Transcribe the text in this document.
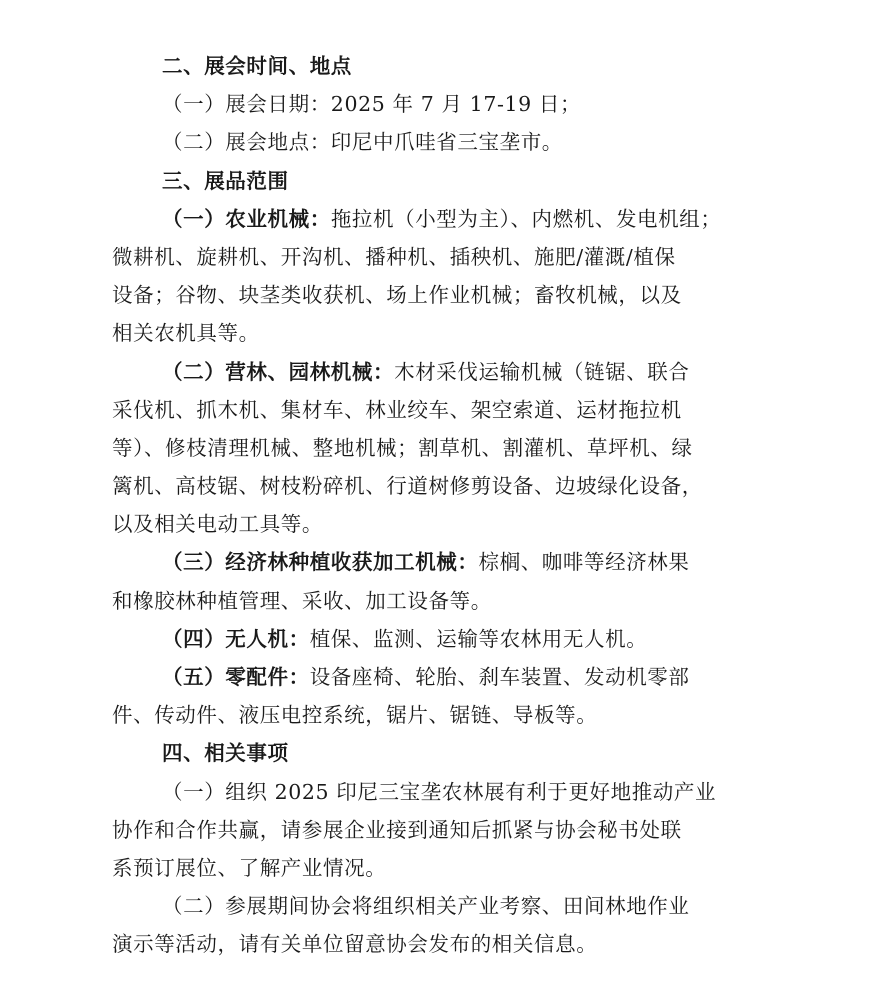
二、展会时间、地点
（一）展会日期：2025 年 7 月 17-19 日；
（二）展会地点：印尼中爪哇省三宝垄市。
三、展品范围
（一）农业机械：拖拉机（小型为主）、内燃机、发电机组；
微耕机、旋耕机、开沟机、播种机、插秧机、施肥/灌溉/植保
设备；谷物、块茎类收获机、场上作业机械；畜牧机械，以及
相关农机具等。
（二）营林、园林机械：木材采伐运输机械（链锯、联合
采伐机、抓木机、集材车、林业绞车、架空索道、运材拖拉机
等）、修枝清理机械、整地机械；割草机、割灌机、草坪机、绿
篱机、高枝锯、树枝粉碎机、行道树修剪设备、边坡绿化设备，
以及相关电动工具等。
（三）经济林种植收获加工机械：棕榈、咖啡等经济林果
和橡胶林种植管理、采收、加工设备等。
（四）无人机：植保、监测、运输等农林用无人机。
（五）零配件：设备座椅、轮胎、刹车装置、发动机零部
件、传动件、液压电控系统，锯片、锯链、导板等。
四、相关事项
（一）组织 2025 印尼三宝垄农林展有利于更好地推动产业
协作和合作共赢，请参展企业接到通知后抓紧与协会秘书处联
系预订展位、了解产业情况。
（二）参展期间协会将组织相关产业考察、田间林地作业
演示等活动，请有关单位留意协会发布的相关信息。
